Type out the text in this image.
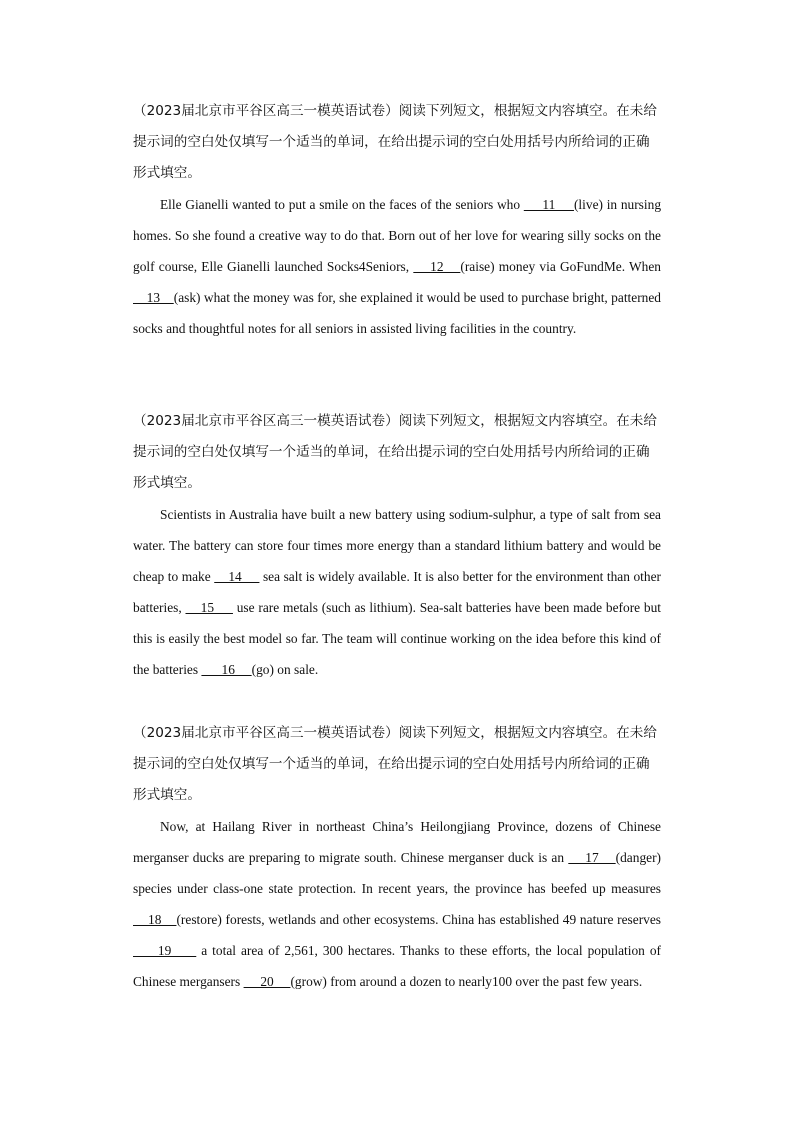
（2023届北京市平谷区高三一模英语试卷）阅读下列短文，根据短文内容填空。在未给提示词的空白处仅填写一个适当的单词，在给出提示词的空白处用括号内所给词的正确形式填空。

Elle Gianelli wanted to put a smile on the faces of the seniors who      11     (live) in nursing homes. So she found a creative way to do that. Born out of her love for wearing silly socks on the golf course, Elle Gianelli launched Socks4Seniors,     12    (raise) money via GoFundMe. When     13    (ask) what the money was for, she explained it would be used to purchase bright, patterned socks and thoughtful notes for all seniors in assisted living facilities in the country.

（2023届北京市平谷区高三一模英语试卷）阅读下列短文，根据短文内容填空。在未给提示词的空白处仅填写一个适当的单词，在给出提示词的空白处用括号内所给词的正确形式填空。

Scientists in Australia have built a new battery using sodium-sulphur, a type of salt from sea water. The battery can store four times more energy than a standard lithium battery and would be cheap to make     14      sea salt is widely available. It is also better for the environment than other batteries,     15      use rare metals (such as lithium). Sea-salt batteries have been made before but this is easily the best model so far. The team will continue working on the idea before this kind of the batteries       16     (go) on sale.

（2023届北京市平谷区高三一模英语试卷）阅读下列短文，根据短文内容填空。在未给提示词的空白处仅填写一个适当的单词，在给出提示词的空白处用括号内所给词的正确形式填空。

Now, at Hailang River in northeast China’s Heilongjiang Province, dozens of Chinese merganser ducks are preparing to migrate south. Chinese merganser duck is an     17    (danger) species under class-one state protection. In recent years, the province has beefed up measures     18    (restore) forests, wetlands and other ecosystems. China has established 49 nature reserves      19      a total area of 2,561, 300 hectares. Thanks to these efforts, the local population of Chinese mergansers      20     (grow) from around a dozen to nearly100 over the past few years.
